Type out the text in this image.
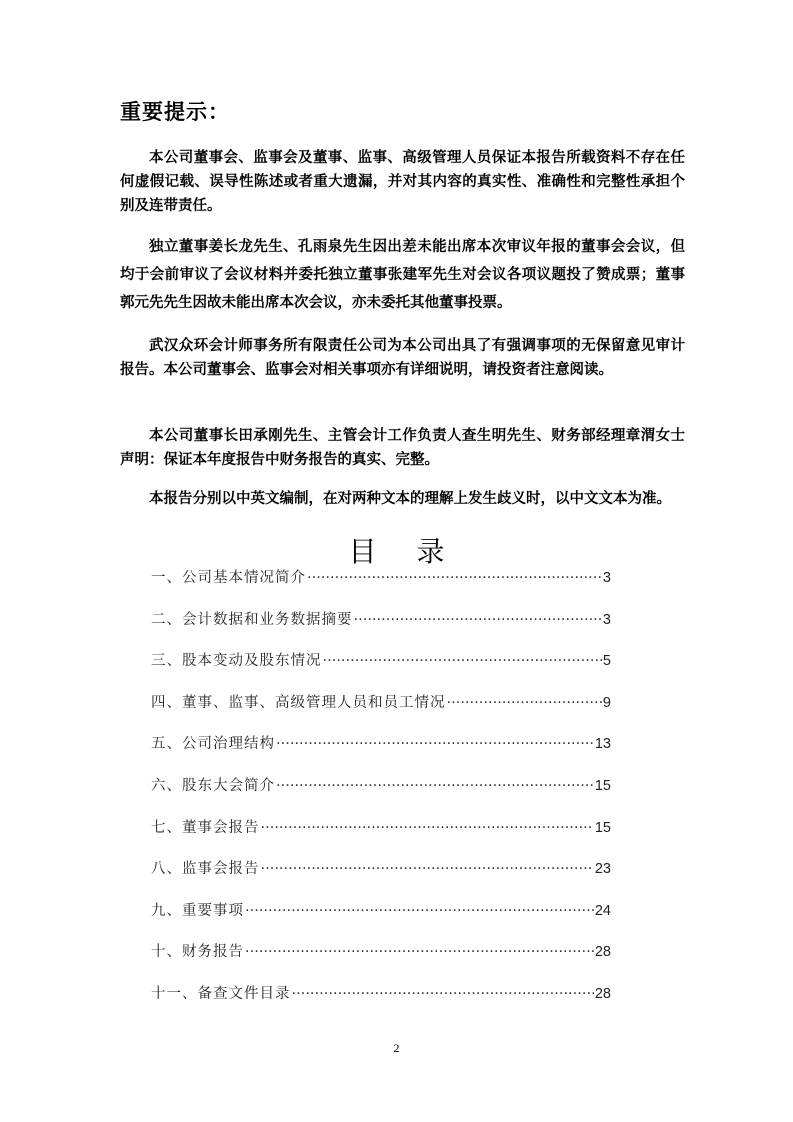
重要提示：

本公司董事会、监事会及董事、监事、高级管理人员保证本报告所载资料不存在任何虚假记载、误导性陈述或者重大遗漏，并对其内容的真实性、准确性和完整性承担个别及连带责任。

独立董事姜长龙先生、孔雨泉先生因出差未能出席本次审议年报的董事会会议，但均于会前审议了会议材料并委托独立董事张建军先生对会议各项议题投了赞成票；董事郭元先先生因故未能出席本次会议，亦未委托其他董事投票。

武汉众环会计师事务所有限责任公司为本公司出具了有强调事项的无保留意见审计报告。本公司董事会、监事会对相关事项亦有详细说明，请投资者注意阅读。

本公司董事长田承刚先生、主管会计工作负责人查生明先生、财务部经理章渭女士声明：保证本年度报告中财务报告的真实、完整。

本报告分别以中英文编制，在对两种文本的理解上发生歧义时，以中文文本为准。

目录
一、公司基本情况简介 ·····	3
二、会计数据和业务数据摘要 ·····	3
三、股本变动及股东情况 ·····	5
四、董事、监事、高级管理人员和员工情况 ·····	9
五、公司治理结构 ·····	13
六、股东大会简介 ·····	15
七、董事会报告 ·····	15
八、监事会报告 ·····	23
九、重要事项 ·····	24
十、财务报告 ·····	28
十一、备查文件目录 ·····	28
2
